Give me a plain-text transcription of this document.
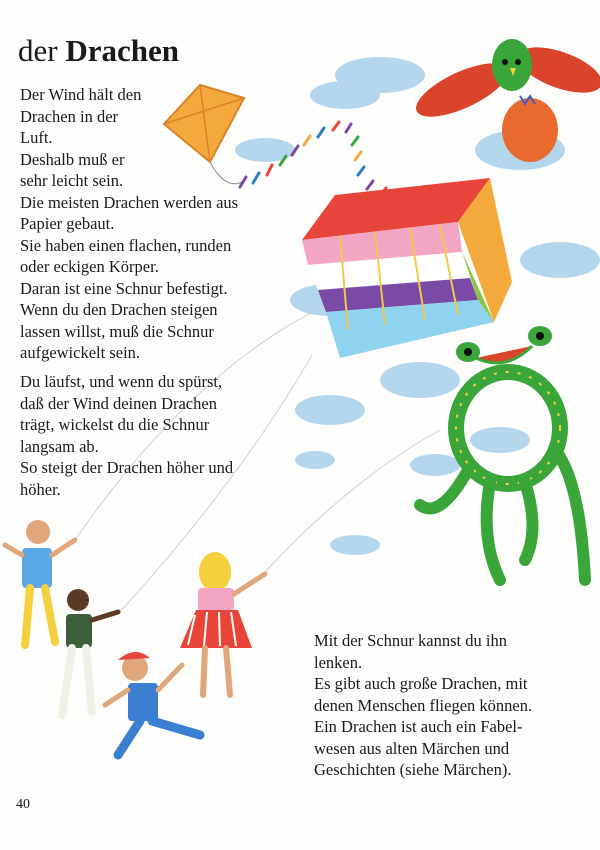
der Drachen

Der Wind hält den

Drachen in der

Luft.

Deshalb muß er

sehr leicht sein.

Die meisten Drachen werden aus

Papier gebaut.

Sie haben einen flachen, runden

oder eckigen Körper.

Daran ist eine Schnur befestigt.

Wenn du den Drachen steigen

lassen willst, muß die Schnur

aufgewickelt sein.

Du läufst, und wenn du spürst,

daß der Wind deinen Drachen

trägt, wickelst du die Schnur

langsam ab.

So steigt der Drachen höher und

höher.

Mit der Schnur kannst du ihn

lenken.

Es gibt auch große Drachen, mit

denen Menschen fliegen können.

Ein Drachen ist auch ein Fabel-

wesen aus alten Märchen und

Geschichten (siehe Märchen).

40
